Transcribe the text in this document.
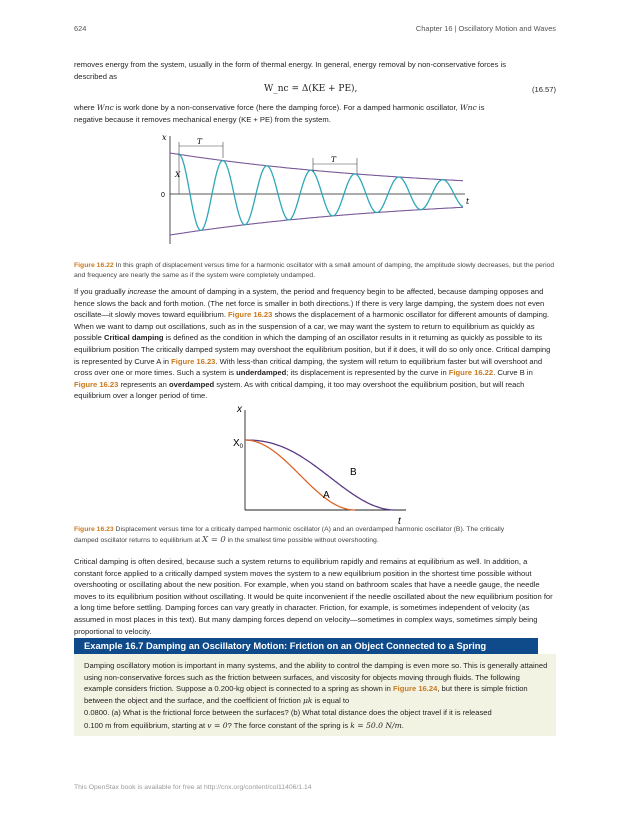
624	Chapter 16 | Oscillatory Motion and Waves

removes energy from the system, usually in the form of thermal energy. In general, energy removal by non-conservative forces is
described as

W_nc = Δ(KE + PE),	(16.57)

where Wnc is work done by a non-conservative force (here the damping force). For a damped harmonic oscillator, Wnc is
negative because it removes mechanical energy (KE + PE) from the system.

x
t
0
X
T
T
Figure 16.22 In this graph of displacement versus time for a harmonic oscillator with a small amount of damping, the amplitude slowly decreases, but the period and frequency are nearly the same as if the system were completely undamped.

If you gradually increase the amount of damping in a system, the period and frequency begin to be affected, because damping opposes and hence slows the back and forth motion. (The net force is smaller in both directions.) If there is very large damping, the system does not even oscillate—it slowly moves toward equilibrium. Figure 16.23 shows the displacement of a harmonic oscillator for different amounts of damping. When we want to damp out oscillations, such as in the suspension of a car, we may want the system to return to equilibrium as quickly as possible Critical damping is defined as the condition in which the damping of an oscillator results in it returning as quickly as possible to its equilibrium position The critically damped system may overshoot the equilibrium position, but if it does, it will do so only once. Critical damping is represented by Curve A in Figure 16.23. With less-than critical damping, the system will return to equilibrium faster but will overshoot and cross over one or more times. Such a system is underdamped; its displacement is represented by the curve in Figure 16.22. Curve B in Figure 16.23 represents an overdamped system. As with critical damping, it too may overshoot the equilibrium position, but will reach equilibrium over a longer period of time.

x
t
$X_0$
A
B
Figure 16.23 Displacement versus time for a critically damped harmonic oscillator (A) and an overdamped harmonic oscillator (B). The critically
damped oscillator returns to equilibrium at X = 0 in the smallest time possible without overshooting.

Critical damping is often desired, because such a system returns to equilibrium rapidly and remains at equilibrium as well. In addition, a constant force applied to a critically damped system moves the system to a new equilibrium position in the shortest time possible without overshooting or oscillating about the new position. For example, when you stand on bathroom scales that have a needle gauge, the needle moves to its equilibrium position without oscillating. It would be quite inconvenient if the needle oscillated about the new equilibrium position for a long time before settling. Damping forces can vary greatly in character. Friction, for example, is sometimes independent of velocity (as assumed in most places in this text). But many damping forces depend on velocity—sometimes in complex ways, sometimes simply being proportional to velocity.

Example 16.7 Damping an Oscillatory Motion: Friction on an Object Connected to a Spring

Damping oscillatory motion is important in many systems, and the ability to control the damping is even more so. This is generally attained using non-conservative forces such as the friction between surfaces, and viscosity for objects moving through fluids. The following example considers friction. Suppose a 0.200-kg object is connected to a spring as shown in Figure 16.24, but there is simple friction between the object and the surface, and the coefficient of friction μk is equal to

0.0800. (a) What is the frictional force between the surfaces? (b) What total distance does the object travel if it is released
0.100 m from equilibrium, starting at v = 0? The force constant of the spring is k = 50.0 N/m.

This OpenStax book is available for free at http://cnx.org/content/col11406/1.14
